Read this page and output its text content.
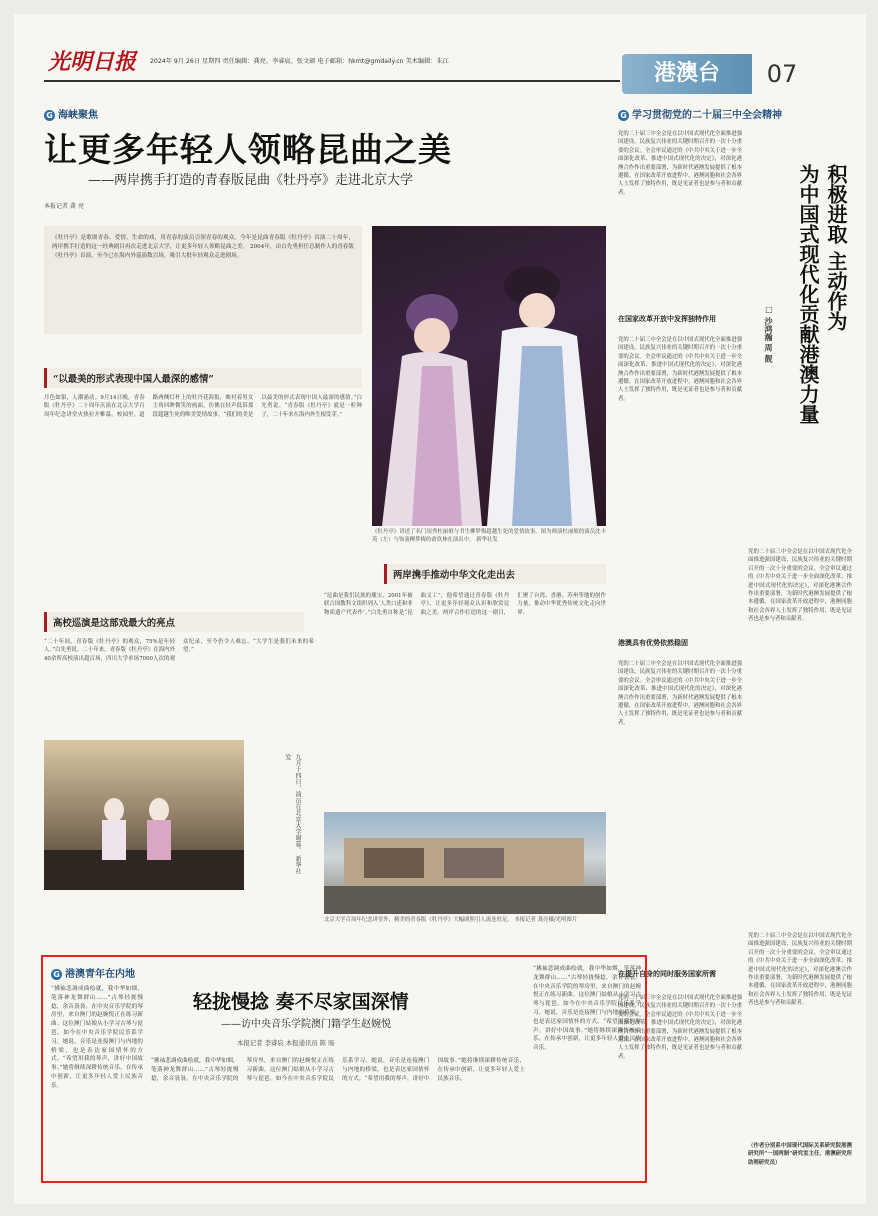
光明日报 2024年 9月 26日 星期四 责任编辑：龚亮、李睿宸、张文硕 电子邮箱：hkmt@gmdaily.cn 美术编辑：朱江	港澳台	07
G 海峡聚焦
让更多年轻人领略昆曲之美
——两岸携手打造的青春版昆曲《牡丹亭》走进北京大学
本报记者 龚 亮
《牡丹亭》是歌颂青春、爱情、生命的戏，用青春的演员引领青春的观众。今年是昆曲青春版《牡丹亭》首演二十周年，两岸携手打造的这一经典剧目再次走进北京大学，让更多年轻人领略昆曲之美。 2004年，由白先勇担任总制作人的青春版《牡丹亭》首演，至今已在海内外巡演数百场，吸引大批年轻观众走进剧场。
《牡丹亭》讲述了名门闺秀杜丽娘与书生柳梦梅超越生死的爱情故事。图为师演杜丽娘的演员沈丰英（左）与饰演柳梦梅的俞玖林在演出中。 新华社发
“以最美的形式表现中国人最深的感情”
月色如银，人潮涌动。9月14日晚，青春版《牡丹亭》二十周年庆演在北京大学百周年纪念讲堂火热拉开帷幕。校园里，道路两侧灯杆上的牡丹花海报，映衬着男女主角回眸微笑的画面，仿佛在轻声低诉那段超越生死的唯美爱情故事。“我们的美是以最美的形式表现中国人最深的感情。”白先勇说。“青春版《牡丹亭》就是一粒种子，二十年来在海内外生根发芽。”
两岸携手推动中华文化走出去
“昆曲是我们民族的瑰宝，2001年被联合国教科文组织列入‘人类口述和非物质遗产代表作’。”白先勇自称是“昆曲义工”，他希望通过青春版《牡丹亭》，让更多年轻观众认识和欣赏昆曲之美。两岸合作打造的这一剧目，汇聚了台湾、香港、苏州等地的创作力量，推动中华优秀传统文化走向世界。
高校巡演是这部戏最大的亮点
“二十年间，青春版《牡丹亭》的观众，75%是年轻人。”白先勇说。二十年来，青春版《牡丹亭》在海内外40余所高校演出超百场，四川大学单场7000人次的观众纪录，至今仍令人难忘。“大学生是我们未来的希望。”
九月十四日，演员在北京大学谢幕。 新华社发
北京大学百周年纪念讲堂外，精美的青春版《牡丹亭》大幅剧照引人流连驻足。 本报记者 龚亮摄/光明图片
G 学习贯彻党的二十届三中全会精神
党的二十届三中全会是在以中国式现代化全面推进强国建设、民族复兴伟业的关键时期召开的一次十分重要的会议。全会审议通过的《中共中央关于进一步全面深化改革、推进中国式现代化的决定》，对深化港澳合作作出重要部署，为新时代港澳发展提供了根本遵循。在国家改革开放进程中，港澳同胞和社会各界人士发挥了独特作用，既是见证者也是参与者和贡献者。	积极进取 主动作为
为中国式现代化贡献港澳力量
□ 沙鸿瀚 周 靓
在国家改革开放中发挥独特作用
党的二十届三中全会是在以中国式现代化全面推进强国建设、民族复兴伟业的关键时期召开的一次十分重要的会议。全会审议通过的《中共中央关于进一步全面深化改革、推进中国式现代化的决定》，对深化港澳合作作出重要部署，为新时代港澳发展提供了根本遵循。在国家改革开放进程中，港澳同胞和社会各界人士发挥了独特作用，既是见证者也是参与者和贡献者。
港澳具有优势依然稳固
党的二十届三中全会是在以中国式现代化全面推进强国建设、民族复兴伟业的关键时期召开的一次十分重要的会议。全会审议通过的《中共中央关于进一步全面深化改革、推进中国式现代化的决定》，对深化港澳合作作出重要部署，为新时代港澳发展提供了根本遵循。在国家改革开放进程中，港澳同胞和社会各界人士发挥了独特作用，既是见证者也是参与者和贡献者。
党的二十届三中全会是在以中国式现代化全面推进强国建设、民族复兴伟业的关键时期召开的一次十分重要的会议。全会审议通过的《中共中央关于进一步全面深化改革、推进中国式现代化的决定》，对深化港澳合作作出重要部署，为新时代港澳发展提供了根本遵循。在国家改革开放进程中，港澳同胞和社会各界人士发挥了独特作用，既是见证者也是参与者和贡献者。
在提升自身的同时服务国家所需
党的二十届三中全会是在以中国式现代化全面推进强国建设、民族复兴伟业的关键时期召开的一次十分重要的会议。全会审议通过的《中共中央关于进一步全面深化改革、推进中国式现代化的决定》，对深化港澳合作作出重要部署，为新时代港澳发展提供了根本遵循。在国家改革开放进程中，港澳同胞和社会各界人士发挥了独特作用，既是见证者也是参与者和贡献者。
党的二十届三中全会是在以中国式现代化全面推进强国建设、民族复兴伟业的关键时期召开的一次十分重要的会议。全会审议通过的《中共中央关于进一步全面深化改革、推进中国式现代化的决定》，对深化港澳合作作出重要部署，为新时代港澳发展提供了根本遵循。在国家改革开放进程中，港澳同胞和社会各界人士发挥了独特作用，既是见证者也是参与者和贡献者。
（作者分别系中国现代国际关系研究院港澳研究所“一国两制”研究室主任、港澳研究所助理研究员）
G 港澳青年在内地
“拂袖悲调成曲绘就，我中华如烟，笔落神龙舞群山……”古琴轻拢慢捻，余音袅袅。在中央音乐学院的琴房里，来自澳门的赵婉悦正在练习新曲。这位澳门姑娘从小学习古琴与琵琶，如今在中央音乐学院民乐系学习。她说，音乐是连接澳门与内地的桥梁，也是表达家国情怀的方式。“希望用我的琴声，讲好中国故事。”她将继续深耕传统音乐，在传承中创新，让更多年轻人爱上民族音乐。
轻拢慢捻 奏不尽家国深情
——访中央音乐学院澳门籍学生赵婉悦
本报记者 李睿宸 本报通讯员 陈 旸
“拂袖悲调成曲绘就，我中华如烟，笔落神龙舞群山……”古琴轻拢慢捻，余音袅袅。在中央音乐学院的琴房里，来自澳门的赵婉悦正在练习新曲。这位澳门姑娘从小学习古琴与琵琶，如今在中央音乐学院民乐系学习。她说，音乐是连接澳门与内地的桥梁，也是表达家国情怀的方式。“希望用我的琴声，讲好中国故事。”她将继续深耕传统音乐，在传承中创新，让更多年轻人爱上民族音乐。
“拂袖悲调成曲绘就，我中华如烟，笔落神龙舞群山……”古琴轻拢慢捻，余音袅袅。在中央音乐学院的琴房里，来自澳门的赵婉悦正在练习新曲。这位澳门姑娘从小学习古琴与琵琶，如今在中央音乐学院民乐系学习。她说，音乐是连接澳门与内地的桥梁，也是表达家国情怀的方式。“希望用我的琴声，讲好中国故事。”她将继续深耕传统音乐，在传承中创新，让更多年轻人爱上民族音乐。
